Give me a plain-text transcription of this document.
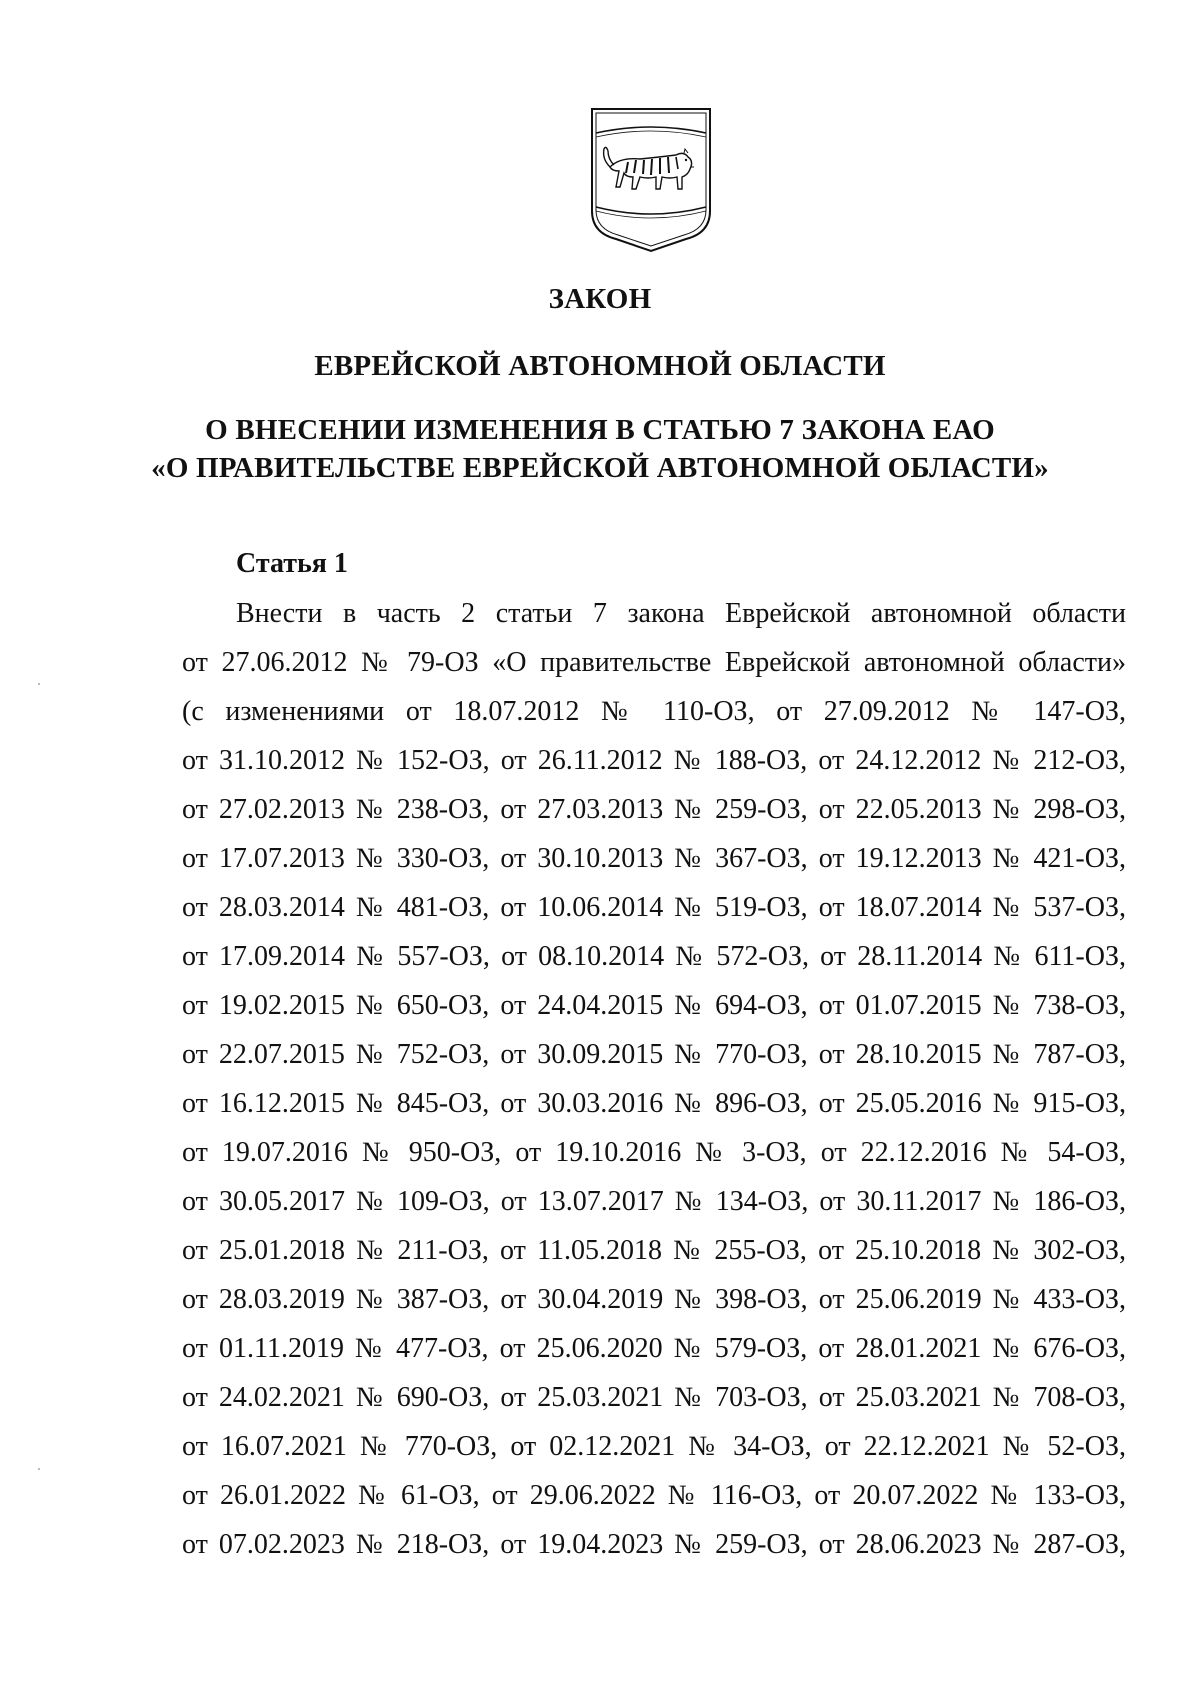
ЗАКОН
ЕВРЕЙСКОЙ АВТОНОМНОЙ ОБЛАСТИ
О ВНЕСЕНИИ ИЗМЕНЕНИЯ В СТАТЬЮ 7 ЗАКОНА ЕАО
«О ПРАВИТЕЛЬСТВЕ ЕВРЕЙСКОЙ АВТОНОМНОЙ ОБЛАСТИ»
Статья 1
Внести в часть 2 статьи 7 закона Еврейской автономной области
от 27.06.2012 № 79-ОЗ «О правительстве Еврейской автономной области»
(с изменениями от 18.07.2012 № 110-ОЗ, от 27.09.2012 № 147-ОЗ,
от 31.10.2012 № 152-ОЗ, от 26.11.2012 № 188-ОЗ, от 24.12.2012 № 212-ОЗ,
от 27.02.2013 № 238-ОЗ, от 27.03.2013 № 259-ОЗ, от 22.05.2013 № 298-ОЗ,
от 17.07.2013 № 330-ОЗ, от 30.10.2013 № 367-ОЗ, от 19.12.2013 № 421-ОЗ,
от 28.03.2014 № 481-ОЗ, от 10.06.2014 № 519-ОЗ, от 18.07.2014 № 537-ОЗ,
от 17.09.2014 № 557-ОЗ, от 08.10.2014 № 572-ОЗ, от 28.11.2014 № 611-ОЗ,
от 19.02.2015 № 650-ОЗ, от 24.04.2015 № 694-ОЗ, от 01.07.2015 № 738-ОЗ,
от 22.07.2015 № 752-ОЗ, от 30.09.2015 № 770-ОЗ, от 28.10.2015 № 787-ОЗ,
от 16.12.2015 № 845-ОЗ, от 30.03.2016 № 896-ОЗ, от 25.05.2016 № 915-ОЗ,
от 19.07.2016 № 950-ОЗ, от 19.10.2016 № 3-ОЗ, от 22.12.2016 № 54-ОЗ,
от 30.05.2017 № 109-ОЗ, от 13.07.2017 № 134-ОЗ, от 30.11.2017 № 186-ОЗ,
от 25.01.2018 № 211-ОЗ, от 11.05.2018 № 255-ОЗ, от 25.10.2018 № 302-ОЗ,
от 28.03.2019 № 387-ОЗ, от 30.04.2019 № 398-ОЗ, от 25.06.2019 № 433-ОЗ,
от 01.11.2019 № 477-ОЗ, от 25.06.2020 № 579-ОЗ, от 28.01.2021 № 676-ОЗ,
от 24.02.2021 № 690-ОЗ, от 25.03.2021 № 703-ОЗ, от 25.03.2021 № 708-ОЗ,
от 16.07.2021 № 770-ОЗ, от 02.12.2021 № 34-ОЗ, от 22.12.2021 № 52-ОЗ,
от 26.01.2022 № 61-ОЗ, от 29.06.2022 № 116-ОЗ, от 20.07.2022 № 133-ОЗ,
от 07.02.2023 № 218-ОЗ, от 19.04.2023 № 259-ОЗ, от 28.06.2023 № 287-ОЗ,
